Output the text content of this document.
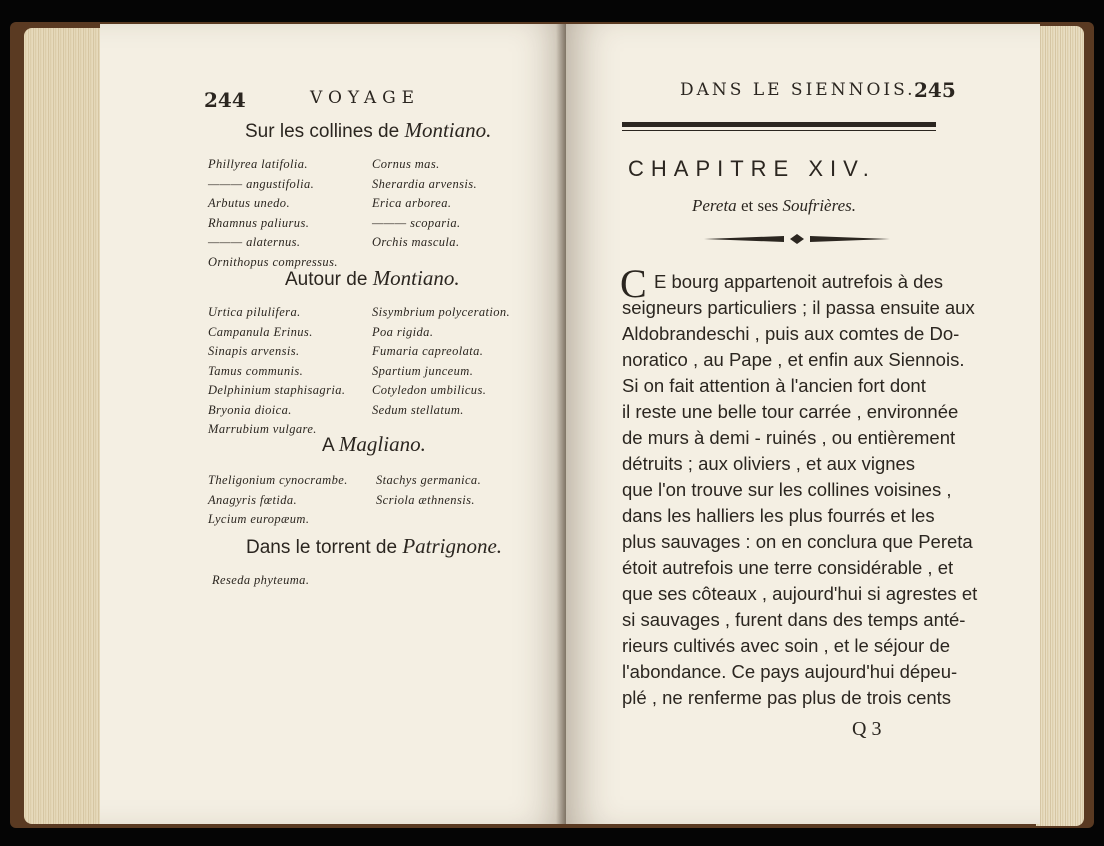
244	VOYAGE
Sur les collines de Montiano.
Phillyrea latifolia.
——— angustifolia.
Arbutus unedo.
Rhamnus paliurus.
——— alaternus.
Ornithopus compressus.
Cornus mas.
Sherardia arvensis.
Erica arborea.
——— scoparia.
Orchis mascula.
Autour de Montiano.
Urtica pilulifera.
Campanula Erinus.
Sinapis arvensis.
Tamus communis.
Delphinium staphisagria.
Bryonia dioica.
Marrubium vulgare.
Sisymbrium polyceration.
Poa rigida.
Fumaria capreolata.
Spartium junceum.
Cotyledon umbilicus.
Sedum stellatum.
A Magliano.
Theligonium cynocrambe.
Anagyris fœtida.
Lycium europæum.
Stachys germanica.
Scriola æthnensis.
Dans le torrent de Patrignone.
Reseda phyteuma.
DANS LE SIENNOIS.
245
CHAPITRE XIV.
Pereta et ses Soufrières.
C E bourg appartenoit autrefois à des
seigneurs particuliers ; il passa ensuite aux
Aldobrandeschi , puis aux comtes de Do-
noratico , au Pape , et enfin aux Siennois.
Si on fait attention à l'ancien fort dont
il reste une belle tour carrée , environnée
de murs à demi - ruinés , ou entièrement
détruits ; aux oliviers , et aux vignes
que l'on trouve sur les collines voisines ,
dans les halliers les plus fourrés et les
plus sauvages : on en conclura que Pereta
étoit autrefois une terre considérable , et
que ses côteaux , aujourd'hui si agrestes et
si sauvages , furent dans des temps anté-
rieurs cultivés avec soin , et le séjour de
l'abondance. Ce pays aujourd'hui dépeu-
plé , ne renferme pas plus de trois cents
Q 3
